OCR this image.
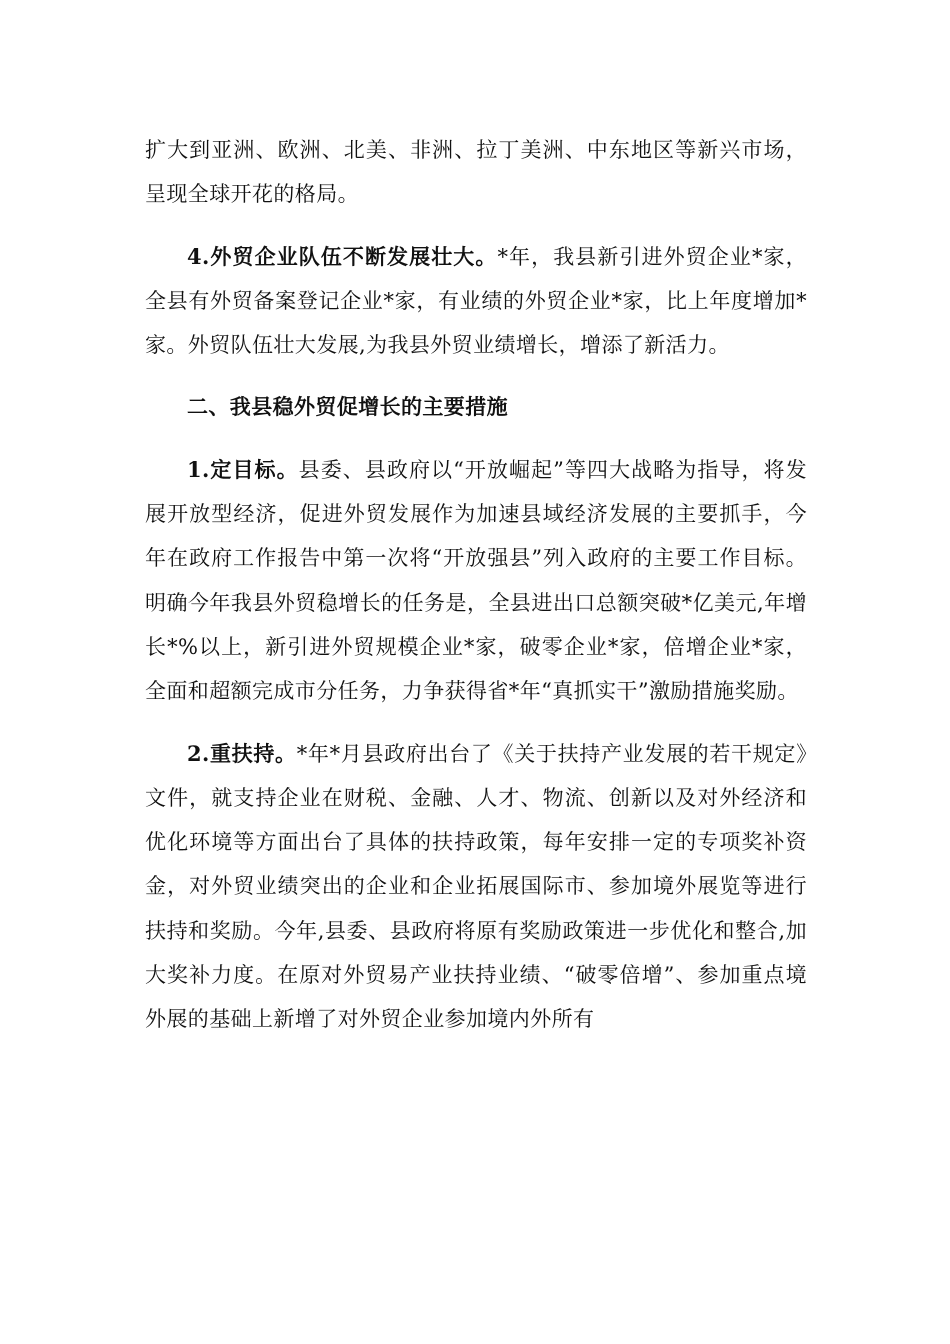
扩大到亚洲、欧洲、北美、非洲、拉丁美洲、中东地区等新兴市场，呈现全球开花的格局。

4.外贸企业队伍不断发展壮大。*年，我县新引进外贸企业*家，全县有外贸备案登记企业*家，有业绩的外贸企业*家，比上年度增加*家。外贸队伍壮大发展,为我县外贸业绩增长，增添了新活力。

二、我县稳外贸促增长的主要措施

1.定目标。县委、县政府以“开放崛起”等四大战略为指导，将发展开放型经济，促进外贸发展作为加速县域经济发展的主要抓手，今年在政府工作报告中第一次将“开放强县”列入政府的主要工作目标。明确今年我县外贸稳增长的任务是，全县进出口总额突破*亿美元,年增长*%以上，新引进外贸规模企业*家，破零企业*家，倍增企业*家，全面和超额完成市分任务，力争获得省*年“真抓实干”激励措施奖励。

2.重扶持。*年*月县政府出台了《关于扶持产业发展的若干规定》文件，就支持企业在财税、金融、人才、物流、创新以及对外经济和优化环境等方面出台了具体的扶持政策，每年安排一定的专项奖补资金，对外贸业绩突出的企业和企业拓展国际市、参加境外展览等进行扶持和奖励。今年,县委、县政府将原有奖励政策进一步优化和整合,加大奖补力度。在原对外贸易产业扶持业绩、“破零倍增”、参加重点境外展的基础上新增了对外贸企业参加境内外所有
